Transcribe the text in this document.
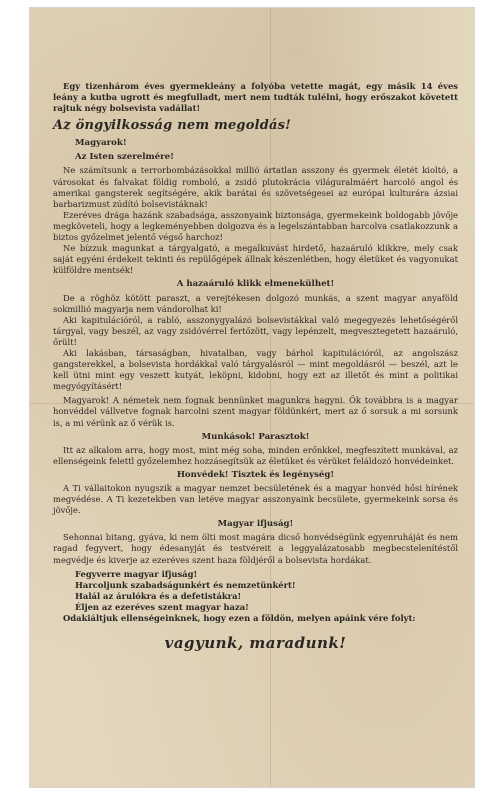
Egy tizenhárom éves gyermekleány a folyóba vetette magát, egy másik 14 éves leány a kutba ugrott és megfulladt, mert nem tudták tulélni, hogy erőszakot követett rajtuk négy bolsevista vadállat!

Az öngyilkosság nem megoldás!
Magyarok!
Az Isten szerelmére!

Ne számítsunk a terrorbombázásokkal millió ártatlan asszony és gyermek életét kioltó, a városokat és falvakat földig romboló, a zsidó plutokrácia világuralmáért harcoló angol és amerikai gangsterek segítségére, akik barátai és szövetségesei az európai kulturára ázsiai barbarizmust zúdító bolsevistáknak!

Ezeréves drága hazánk szabadsága, asszonyaink biztonsága, gyermekeink boldogabb jövője megköveteli, hogy a legkeményebben dolgozva és a legelszántabban harcolva csatlakozzunk a biztos győzelmet jelentő végső harchoz!

Ne bízzuk magunkat a tárgyalgató, a megalkuvást hirdető, hazaáruló klikkre, mely csak saját egyéni érdekeit tekinti és repülőgépek állnak készenlétben, hogy életüket és vagyonukat külföldre mentsék!

A hazaáruló klikk elmenekülhet!

De a röghöz kötött paraszt, a verejtékesen dolgozó munkás, a szent magyar anyaföld sokmillió magyarja nem vándorolhat ki!

Aki kapitulációról, a rabló, asszonygyalázó bolsevistákkal való megegyezés lehetőségéről tárgyal, vagy beszél, az vagy zsidóvérrel fertőzött, vagy lepénzelt, megvesztegetett hazaáruló, őrült!

Aki lakásban, társaságban, hivatalban, vagy bárhol kapitulációról, az angolszász gangsterekkel, a bolsevista hordákkal való tárgyalásról — mint megoldásról — beszél, azt le kell ütni mint egy veszett kutyát, leköpni, kidobni, hogy ezt az illetőt és mint a politikai megyógyításért!

Magyarok! A németek nem fognak bennünket magunkra hagyni. Ők továbbra is a magyar honvéddel vállvetve fognak harcolni szent magyar földünkért, mert az ő sorsuk a mi sorsunk is, a mi vérünk az ő vérük is.

Munkások! Parasztok!

Itt az alkalom arra, hogy most, mint még soha, minden erőnkkel, megfeszített munkával, az ellenségeink felettl győzelemhez hozzásegítsük az életüket és vérüket feláldozó honvédeinket.

Honvédek! Tisztek és legénység!

A Ti vállaitokon nyugszik a magyar nemzet becsületének és a magyar honvéd hősi hírének megvédése. A Ti kezetekben van letéve magyar asszonyaink becsülete, gyermekeink sorsa és jövője.

Magyar ifjuság!

Sehonnai bitang, gyáva, ki nem ölti most magára dicső honvédségünk egyenruháját és nem ragad fegyvert, hogy édesanyját és testvéreit a leggyalázatosabb megbecstelenítéstől megvédje és kiverje az ezeréves szent haza földjéről a bolsevista hordákat.

Fegyverre magyar ifjuság!

Harcoljunk szabadságunkért és nemzetünkért!

Halál az árulókra és a defetistákra!

Éljen az ezeréves szent magyar haza!

Odakiáltjuk ellenségeinknek, hogy ezen a földön, melyen apáink vére folyt:

vagyunk, maradunk!
